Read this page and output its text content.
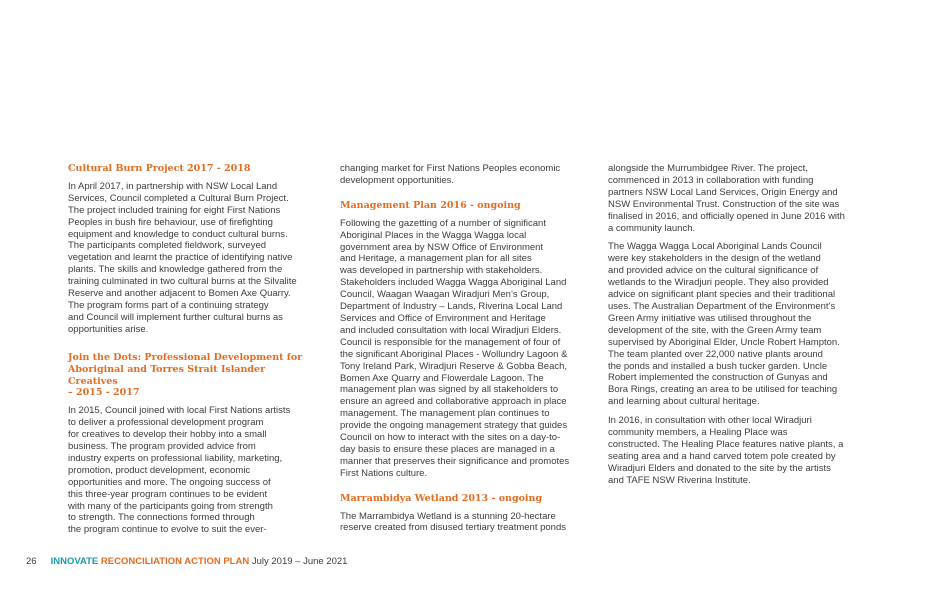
Cultural Burn Project 2017 - 2018

In April 2017, in partnership with NSW Local Land
Services, Council completed a Cultural Burn Project.
The project included training for eight First Nations
Peoples in bush fire behaviour, use of firefighting
equipment and knowledge to conduct cultural burns.
The participants completed fieldwork, surveyed
vegetation and learnt the practice of identifying native
plants. The skills and knowledge gathered from the
training culminated in two cultural burns at the Silvalite
Reserve and another adjacent to Bomen Axe Quarry.
The program forms part of a continuing strategy
and Council will implement further cultural burns as
opportunities arise.

Join the Dots: Professional Development for
Aboriginal and Torres Strait Islander Creatives
– 2015 - 2017

In 2015, Council joined with local First Nations artists
to deliver a professional development program
for creatives to develop their hobby into a small
business. The program provided advice from
industry experts on professional liability, marketing,
promotion, product development, economic
opportunities and more. The ongoing success of
this three-year program continues to be evident
with many of the participants going from strength
to strength. The connections formed through
the program continue to evolve to suit the ever-

changing market for First Nations Peoples economic
development opportunities.

Management Plan 2016 - ongoing

Following the gazetting of a number of significant
Aboriginal Places in the Wagga Wagga local
government area by NSW Office of Environment
and Heritage, a management plan for all sites
was developed in partnership with stakeholders.
Stakeholders included Wagga Wagga Aboriginal Land
Council, Waagan Waagan Wiradjuri Men’s Group,
Department of Industry – Lands, Riverina Local Land
Services and Office of Environment and Heritage
and included consultation with local Wiradjuri Elders.
Council is responsible for the management of four of
the significant Aboriginal Places - Wollundry Lagoon &
Tony Ireland Park, Wiradjuri Reserve & Gobba Beach,
Bomen Axe Quarry and Flowerdale Lagoon. The
management plan was signed by all stakeholders to
ensure an agreed and collaborative approach in place
management. The management plan continues to
provide the ongoing management strategy that guides
Council on how to interact with the sites on a day-to-
day basis to ensure these places are managed in a
manner that preserves their significance and promotes
First Nations culture.

Marrambidya Wetland 2013 - ongoing

The Marrambidya Wetland is a stunning 20-hectare
reserve created from disused tertiary treatment ponds

alongside the Murrumbidgee River. The project,
commenced in 2013 in collaboration with funding
partners NSW Local Land Services, Origin Energy and
NSW Environmental Trust. Construction of the site was
finalised in 2016, and officially opened in June 2016 with
a community launch.

The Wagga Wagga Local Aboriginal Lands Council
were key stakeholders in the design of the wetland
and provided advice on the cultural significance of
wetlands to the Wiradjuri people. They also provided
advice on significant plant species and their traditional
uses. The Australian Department of the Environment’s
Green Army initiative was utilised throughout the
development of the site, with the Green Army team
supervised by Aboriginal Elder, Uncle Robert Hampton.
The team planted over 22,000 native plants around
the ponds and installed a bush tucker garden. Uncle
Robert implemented the construction of Gunyas and
Bora Rings, creating an area to be utilised for teaching
and learning about cultural heritage.

In 2016, in consultation with other local Wiradjuri
community members, a Healing Place was
constructed. The Healing Place features native plants, a
seating area and a hand carved totem pole created by
Wiradjuri Elders and donated to the site by the artists
and TAFE NSW Riverina Institute.

26 INNOVATE RECONCILIATION ACTION PLAN July 2019 – June 2021
